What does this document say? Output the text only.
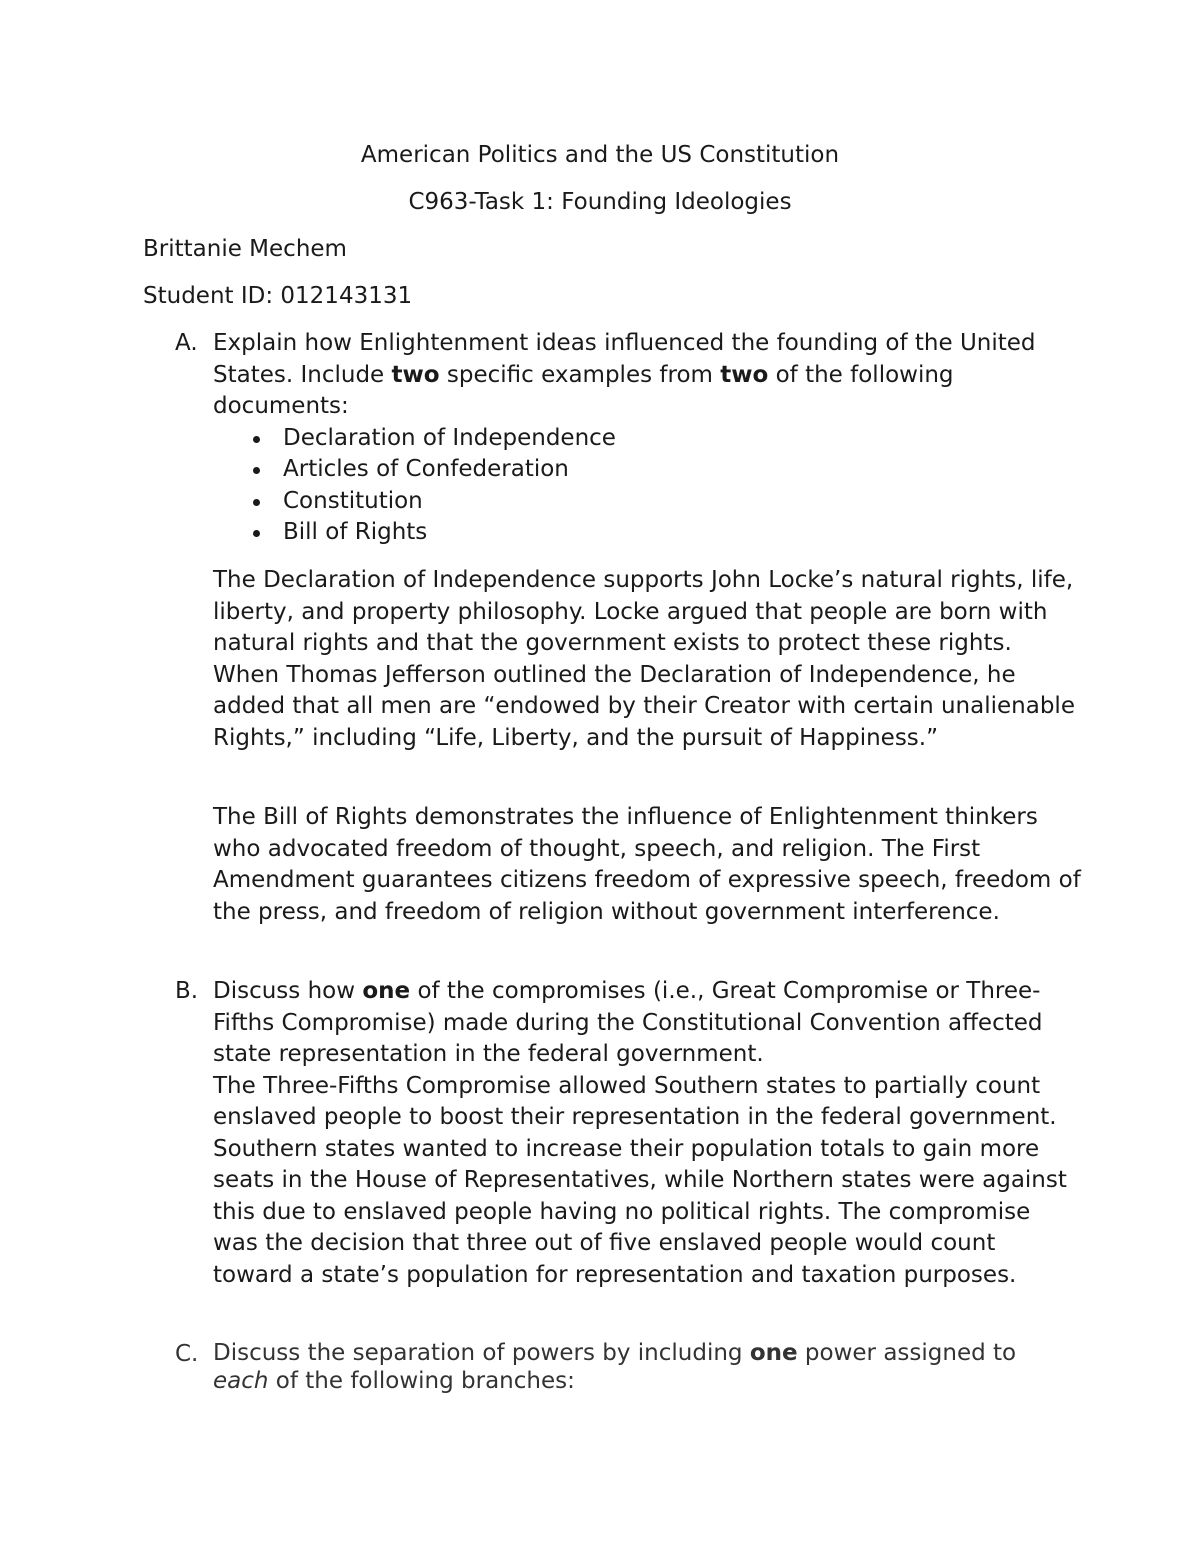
American Politics and the US Constitution
C963-Task 1: Founding Ideologies
Brittanie Mechem
Student ID: 012143131
A. Explain how Enlightenment ideas influenced the founding of the United States. Include two specific examples from two of the following documents:

Declaration of Independence
Articles of Confederation
Constitution
Bill of Rights

The Declaration of Independence supports John Locke’s natural rights, life, liberty, and property philosophy. Locke argued that people are born with natural rights and that the government exists to protect these rights. When Thomas Jefferson outlined the Declaration of Independence, he added that all men are “endowed by their Creator with certain unalienable Rights,” including “Life, Liberty, and the pursuit of Happiness.”

The Bill of Rights demonstrates the influence of Enlightenment thinkers who advocated freedom of thought, speech, and religion. The First Amendment guarantees citizens freedom of expressive speech, freedom of the press, and freedom of religion without government interference.

B. Discuss how one of the compromises (i.e., Great Compromise or Three-Fifths Compromise) made during the Constitutional Convention affected state representation in the federal government.

The Three-Fifths Compromise allowed Southern states to partially count enslaved people to boost their representation in the federal government. Southern states wanted to increase their population totals to gain more seats in the House of Representatives, while Northern states were against this due to enslaved people having no political rights. The compromise was the decision that three out of five enslaved people would count toward a state’s population for representation and taxation purposes.

C. Discuss the separation of powers by including one power assigned to each of the following branches:
